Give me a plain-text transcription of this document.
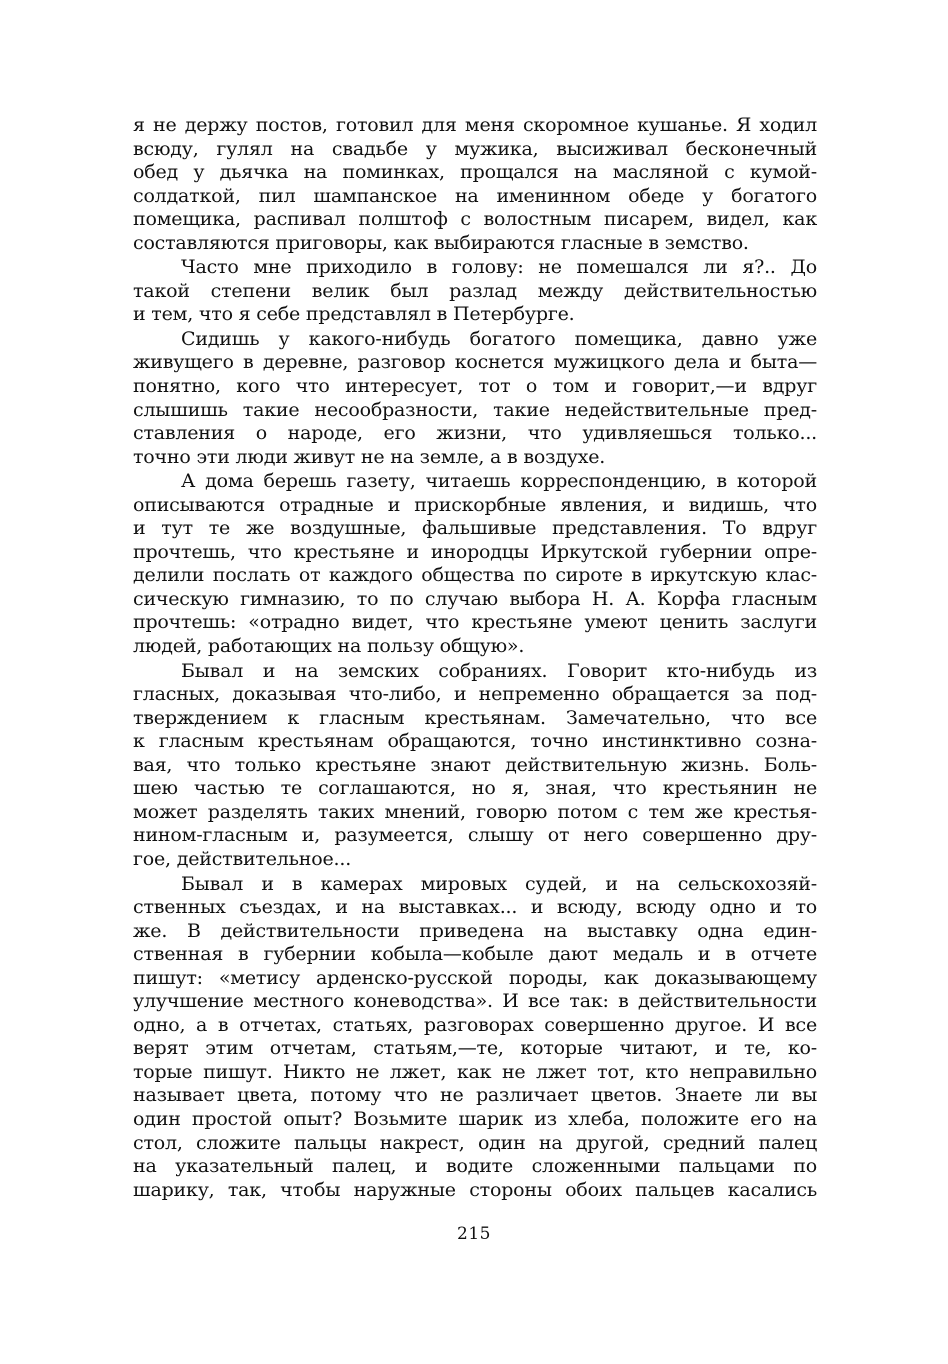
я не держу постов, готовил для меня скоромное кушанье. Я ходил
всюду, гулял на свадьбе у мужика, высиживал бесконечный
обед у дьячка на поминках, прощался на масляной с кумой-
солдаткой, пил шампанское на именинном обеде у богатого
помещика, распивал полштоф с волостным писарем, видел, как
составляются приговоры, как выбираются гласные в земство.
Часто мне приходило в голову: не помешался ли я?.. До
такой степени велик был разлад между действительностью
и тем, что я себе представлял в Петербурге.
Сидишь у какого-нибудь богатого помещика, давно уже
живущего в деревне, разговор коснется мужицкого дела и быта—
понятно, кого что интересует, тот о том и говорит,—и вдруг
слышишь такие несообразности, такие недействительные пред-
ставления о народе, его жизни, что удивляешься только...
точно эти люди живут не на земле, а в воздухе.
А дома берешь газету, читаешь корреспонденцию, в которой
описываются отрадные и прискорбные явления, и видишь, что
и тут те же воздушные, фальшивые представления. То вдруг
прочтешь, что крестьяне и инородцы Иркутской губернии опре-
делили послать от каждого общества по сироте в иркутскую клас-
сическую гимназию, то по случаю выбора Н. А. Корфа гласным
прочтешь: «отрадно видет, что крестьяне умеют ценить заслуги
людей, работающих на пользу общую».
Бывал и на земских собраниях. Говорит кто-нибудь из
гласных, доказывая что-либо, и непременно обращается за под-
тверждением к гласным крестьянам. Замечательно, что все
к гласным крестьянам обращаются, точно инстинктивно созна-
вая, что только крестьяне знают действительную жизнь. Боль-
шею частью те соглашаются, но я, зная, что крестьянин не
может разделять таких мнений, говорю потом с тем же крестья-
нином-гласным и, разумеется, слышу от него совершенно дру-
гое, действительное...
Бывал и в камерах мировых судей, и на сельскохозяй-
ственных съездах, и на выставках... и всюду, всюду одно и то
же. В действительности приведена на выставку одна един-
ственная в губернии кобыла—кобыле дают медаль и в отчете
пишут: «метису арденско-русской породы, как доказывающему
улучшение местного коневодства». И все так: в действительности
одно, а в отчетах, статьях, разговорах совершенно другое. И все
верят этим отчетам, статьям,—те, которые читают, и те, ко-
торые пишут. Никто не лжет, как не лжет тот, кто неправильно
называет цвета, потому что не различает цветов. Знаете ли вы
один простой опыт? Возьмите шарик из хлеба, положите его на
стол, сложите пальцы накрест, один на другой, средний палец
на указательный палец, и водите сложенными пальцами по
шарику, так, чтобы наружные стороны обоих пальцев касались
215
